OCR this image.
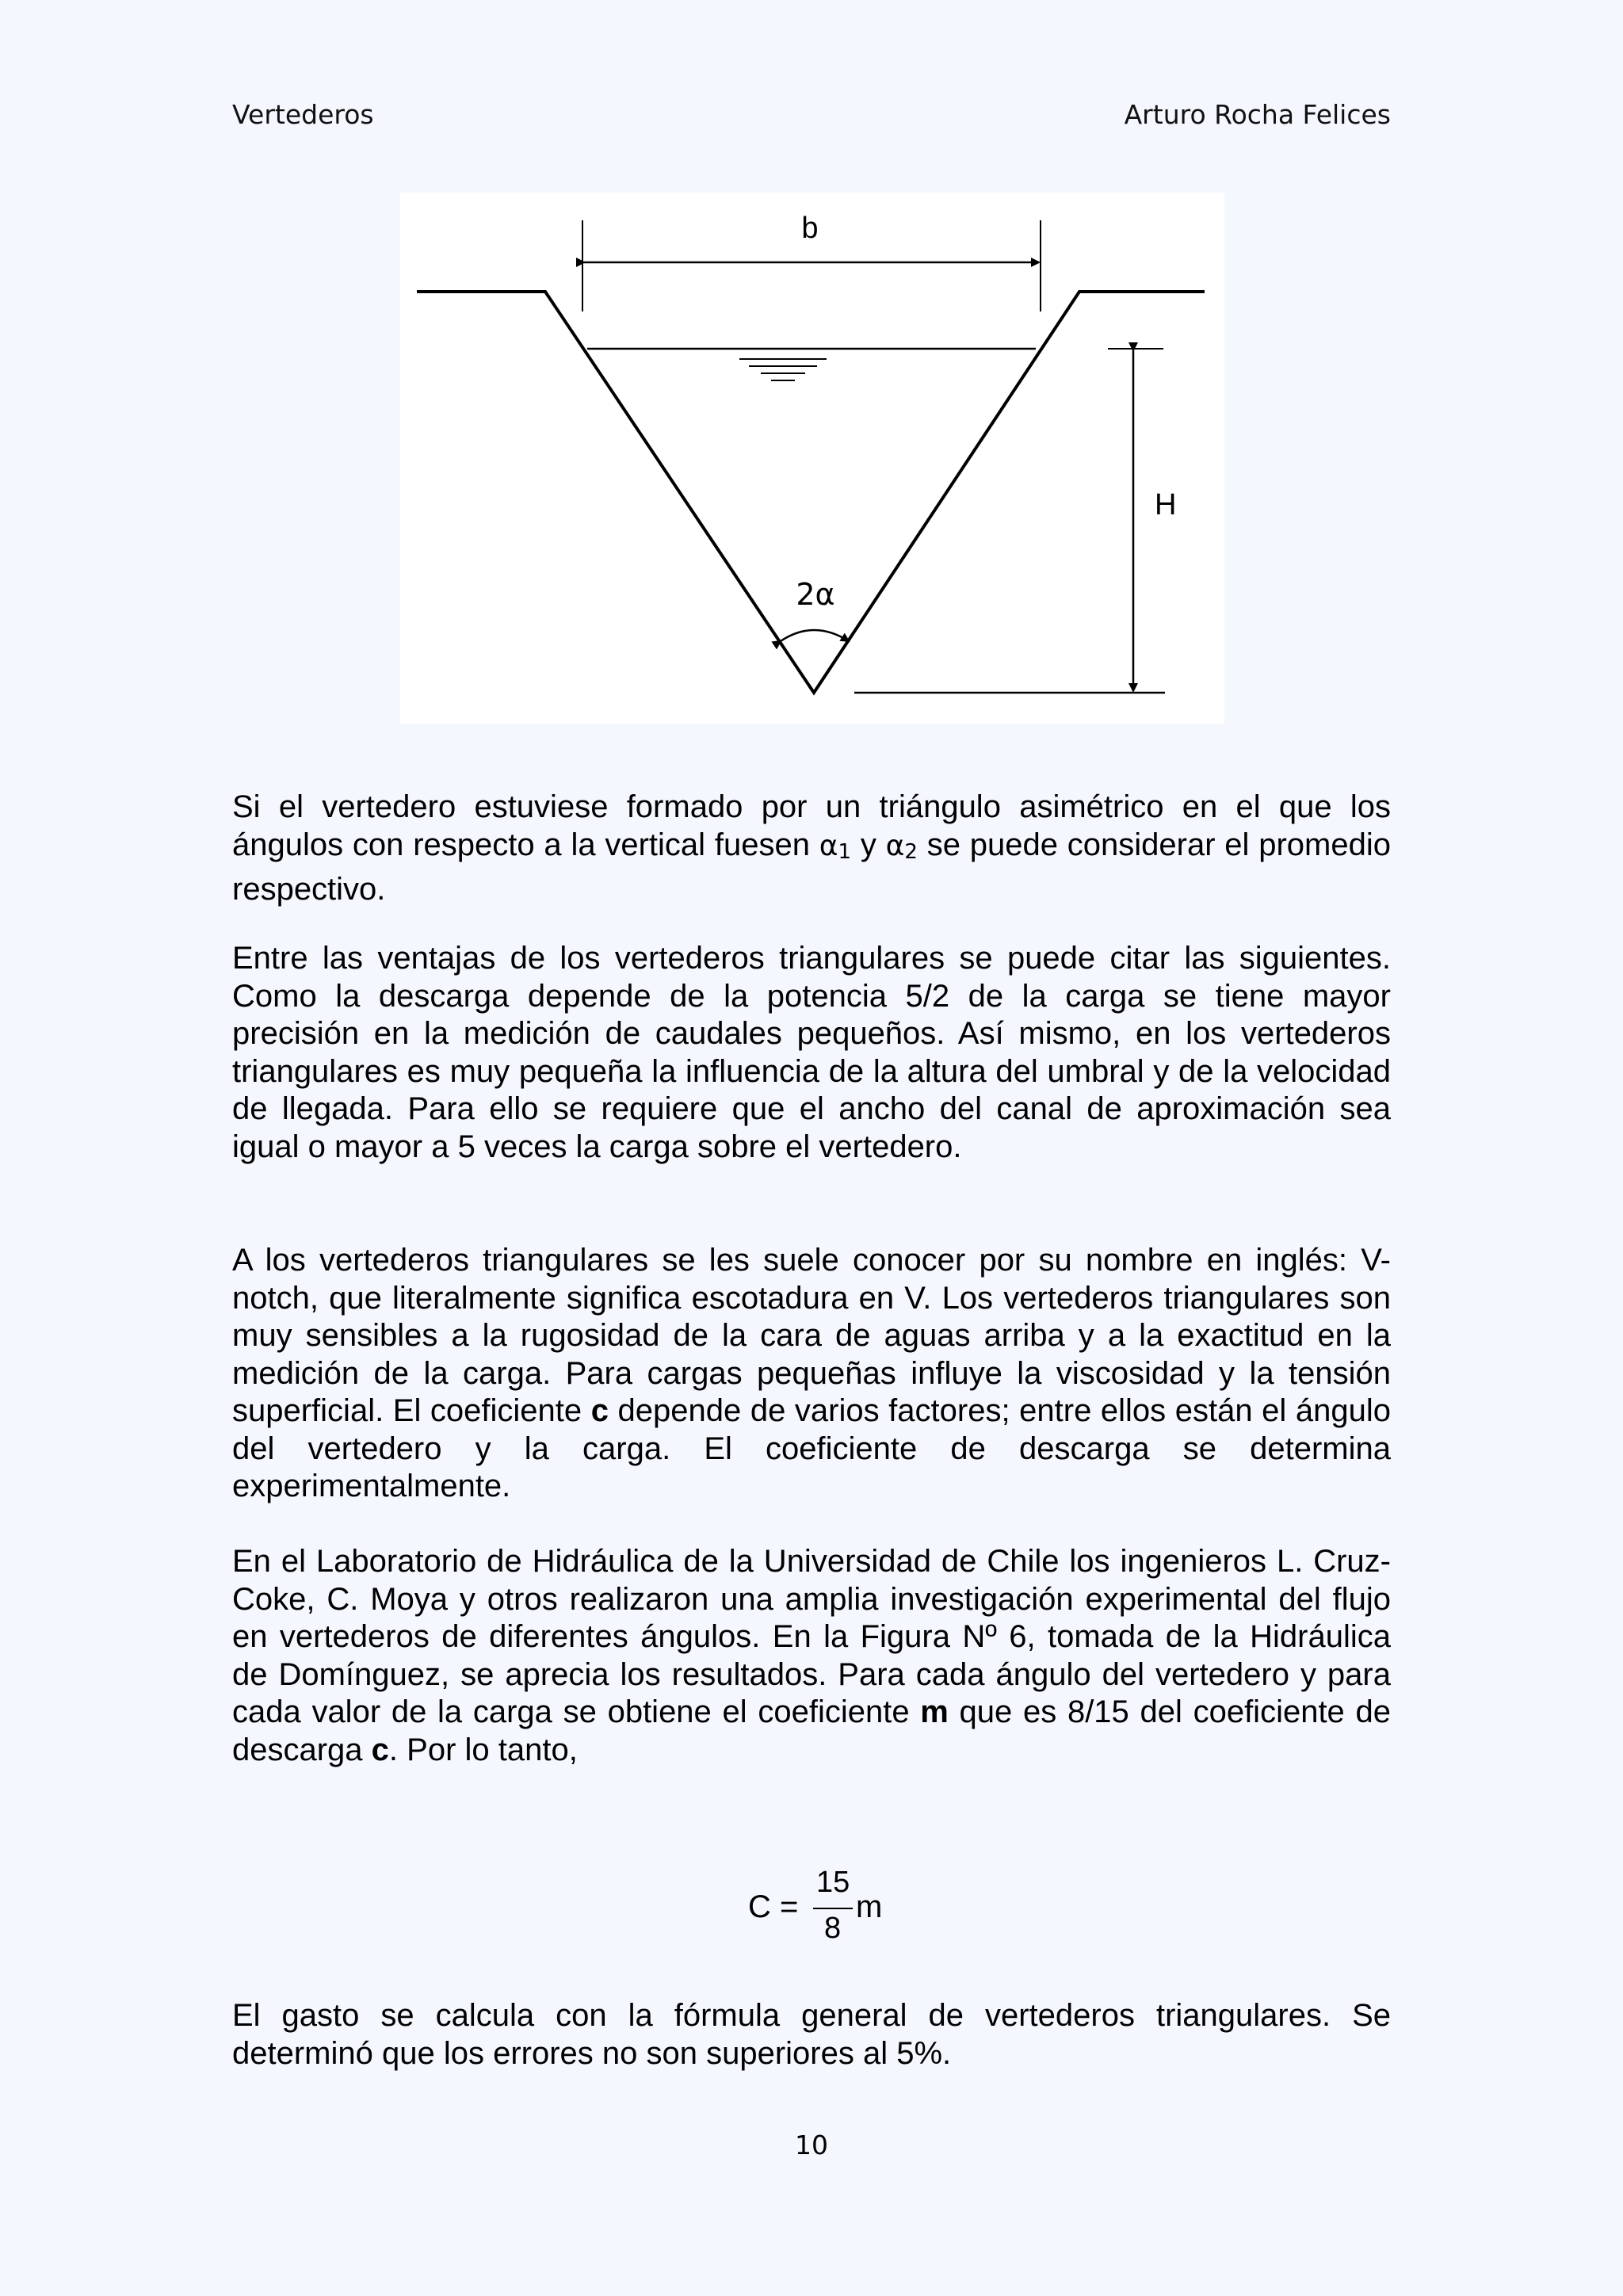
Vertederos	Arturo Rocha Felices
b
H
2α

Si el vertedero estuviese formado por un triángulo asimétrico en el que los ángulos con respecto a la vertical fuesen $\alpha_1$ y $\alpha_2$ se puede considerar el promedio respectivo.

Entre las ventajas de los vertederos triangulares se puede citar las siguientes. Como la descarga depende de la potencia 5/2 de la carga se tiene mayor precisión en la medición de caudales pequeños. Así mismo, en los vertederos triangulares es muy pequeña la influencia de la altura del umbral y de la velocidad de llegada. Para ello se requiere que el ancho del canal de aproximación sea igual o mayor a 5 veces la carga sobre el vertedero.

A los vertederos triangulares se les suele conocer por su nombre en inglés: V-notch, que literalmente significa escotadura en V. Los vertederos triangulares son muy sensibles a la rugosidad de la cara de aguas arriba y a la exactitud en la medición de la carga. Para cargas pequeñas influye la viscosidad y la tensión superficial. El coeficiente c depende de varios factores; entre ellos están el ángulo del vertedero y la carga. El coeficiente de descarga se determina experimentalmente.

En el Laboratorio de Hidráulica de la Universidad de Chile los ingenieros L. Cruz-Coke, C. Moya y otros realizaron una amplia investigación experimental del flujo en vertederos de diferentes ángulos. En la Figura Nº 6, tomada de la Hidráulica de Domínguez, se aprecia los resultados. Para cada ángulo del vertedero y para cada valor de la carga se obtiene el coeficiente m que es 8/15 del coeficiente de descarga c. Por lo tanto,

C =
15
8
m

El gasto se calcula con la fórmula general de vertederos triangulares. Se determinó que los errores no son superiores al 5%.

10
